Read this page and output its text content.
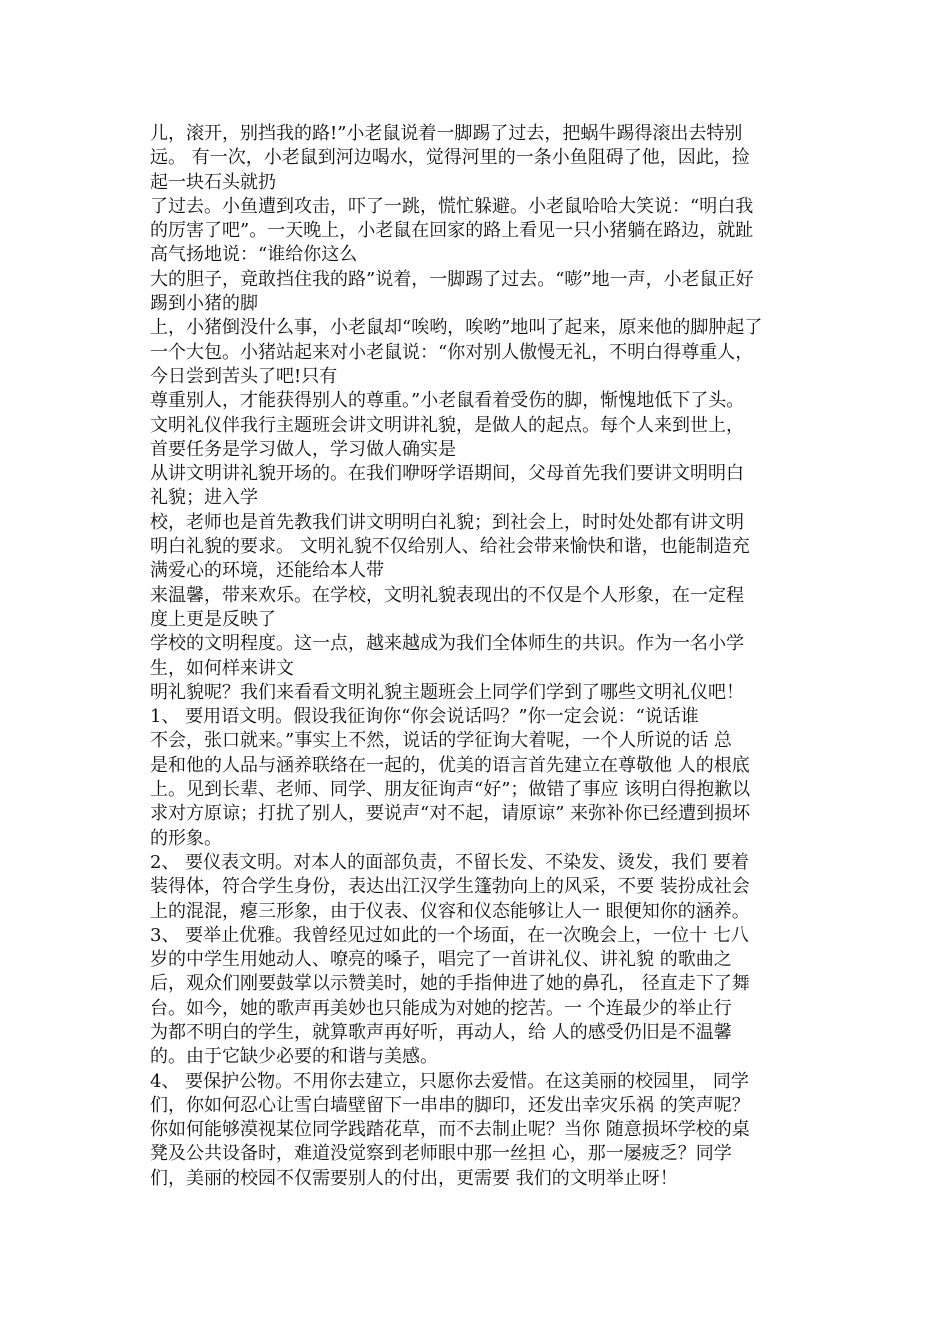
儿，滚开，别挡我的路!”小老鼠说着一脚踢了过去，把蜗牛踢得滚出去特别
远。 有一次，小老鼠到河边喝水，觉得河里的一条小鱼阻碍了他，因此，捡
起一块石头就扔
了过去。小鱼遭到攻击，吓了一跳，慌忙躲避。小老鼠哈哈大笑说：“明白我
的厉害了吧”。一天晚上，小老鼠在回家的路上看见一只小猪躺在路边，就趾
高气扬地说：“谁给你这么
大的胆子，竟敢挡住我的路”说着，一脚踢了过去。“嘭”地一声，小老鼠正好
踢到小猪的脚
上，小猪倒没什么事，小老鼠却“唉哟，唉哟”地叫了起来，原来他的脚肿起了
一个大包。小猪站起来对小老鼠说：“你对别人傲慢无礼，不明白得尊重人，
今日尝到苦头了吧!只有
尊重别人，才能获得别人的尊重。”小老鼠看着受伤的脚，惭愧地低下了头。
文明礼仪伴我行主题班会讲文明讲礼貌，是做人的起点。每个人来到世上，
首要任务是学习做人，学习做人确实是
从讲文明讲礼貌开场的。在我们咿呀学语期间，父母首先我们要讲文明明白
礼貌；进入学
校，老师也是首先教我们讲文明明白礼貌；到社会上，时时处处都有讲文明
明白礼貌的要求。 文明礼貌不仅给别人、给社会带来愉快和谐，也能制造充
满爱心的环境，还能给本人带
来温馨，带来欢乐。在学校，文明礼貌表现出的不仅是个人形象，在一定程
度上更是反映了
学校的文明程度。这一点，越来越成为我们全体师生的共识。作为一名小学
生，如何样来讲文
明礼貌呢？我们来看看文明礼貌主题班会上同学们学到了哪些文明礼仪吧！
1、 要用语文明。假设我征询你“你会说话吗？”你一定会说：“说话谁
不会，张口就来。”事实上不然，说话的学征询大着呢，一个人所说的话 总
是和他的人品与涵养联络在一起的，优美的语言首先建立在尊敬他 人的根底
上。见到长辈、老师、同学、朋友征询声“好”；做错了事应 该明白得抱歉以
求对方原谅；打扰了别人，要说声“对不起，请原谅” 来弥补你已经遭到损坏
的形象。
2、 要仪表文明。对本人的面部负责，不留长发、不染发、烫发，我们 要着
装得体，符合学生身份，表达出江汉学生篷勃向上的风采，不要 装扮成社会
上的混混，瘪三形象，由于仪表、仪容和仪态能够让人一 眼便知你的涵养。
3、 要举止优雅。我曾经见过如此的一个场面，在一次晚会上，一位十 七八
岁的中学生用她动人、嘹亮的嗓子，唱完了一首讲礼仪、讲礼貌 的歌曲之
后，观众们刚要鼓掌以示赞美时，她的手指伸进了她的鼻孔， 径直走下了舞
台。如今，她的歌声再美妙也只能成为对她的挖苦。一 个连最少的举止行
为都不明白的学生，就算歌声再好听，再动人，给 人的感受仍旧是不温馨
的。由于它缺少必要的和谐与美感。
4、 要保护公物。不用你去建立，只愿你去爱惜。在这美丽的校园里， 同学
们，你如何忍心让雪白墙壁留下一串串的脚印，还发出幸灾乐祸 的笑声呢？
你如何能够漠视某位同学践踏花草，而不去制止呢？当你 随意损坏学校的桌
凳及公共设备时，难道没觉察到老师眼中那一丝担 心，那一屡疲乏？同学
们，美丽的校园不仅需要别人的付出，更需要 我们的文明举止呀！
